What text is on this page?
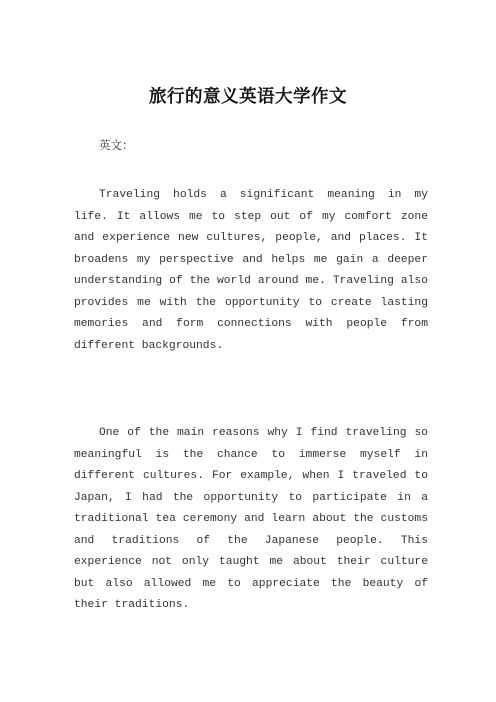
旅行的意义英语大学作文

英文：

Traveling holds a significant meaning in my life. It allows me to step out of my comfort zone and experience new cultures, people, and places. It broadens my perspective and helps me gain a deeper understanding of the world around me. Traveling also provides me with the opportunity to create lasting memories and form connections with people from different backgrounds.

One of the main reasons why I find traveling so meaningful is the chance to immerse myself in different cultures. For example, when I traveled to Japan, I had the opportunity to participate in a traditional tea ceremony and learn about the customs and traditions of the Japanese people. This experience not only taught me about their culture but also allowed me to appreciate the beauty of their traditions.
